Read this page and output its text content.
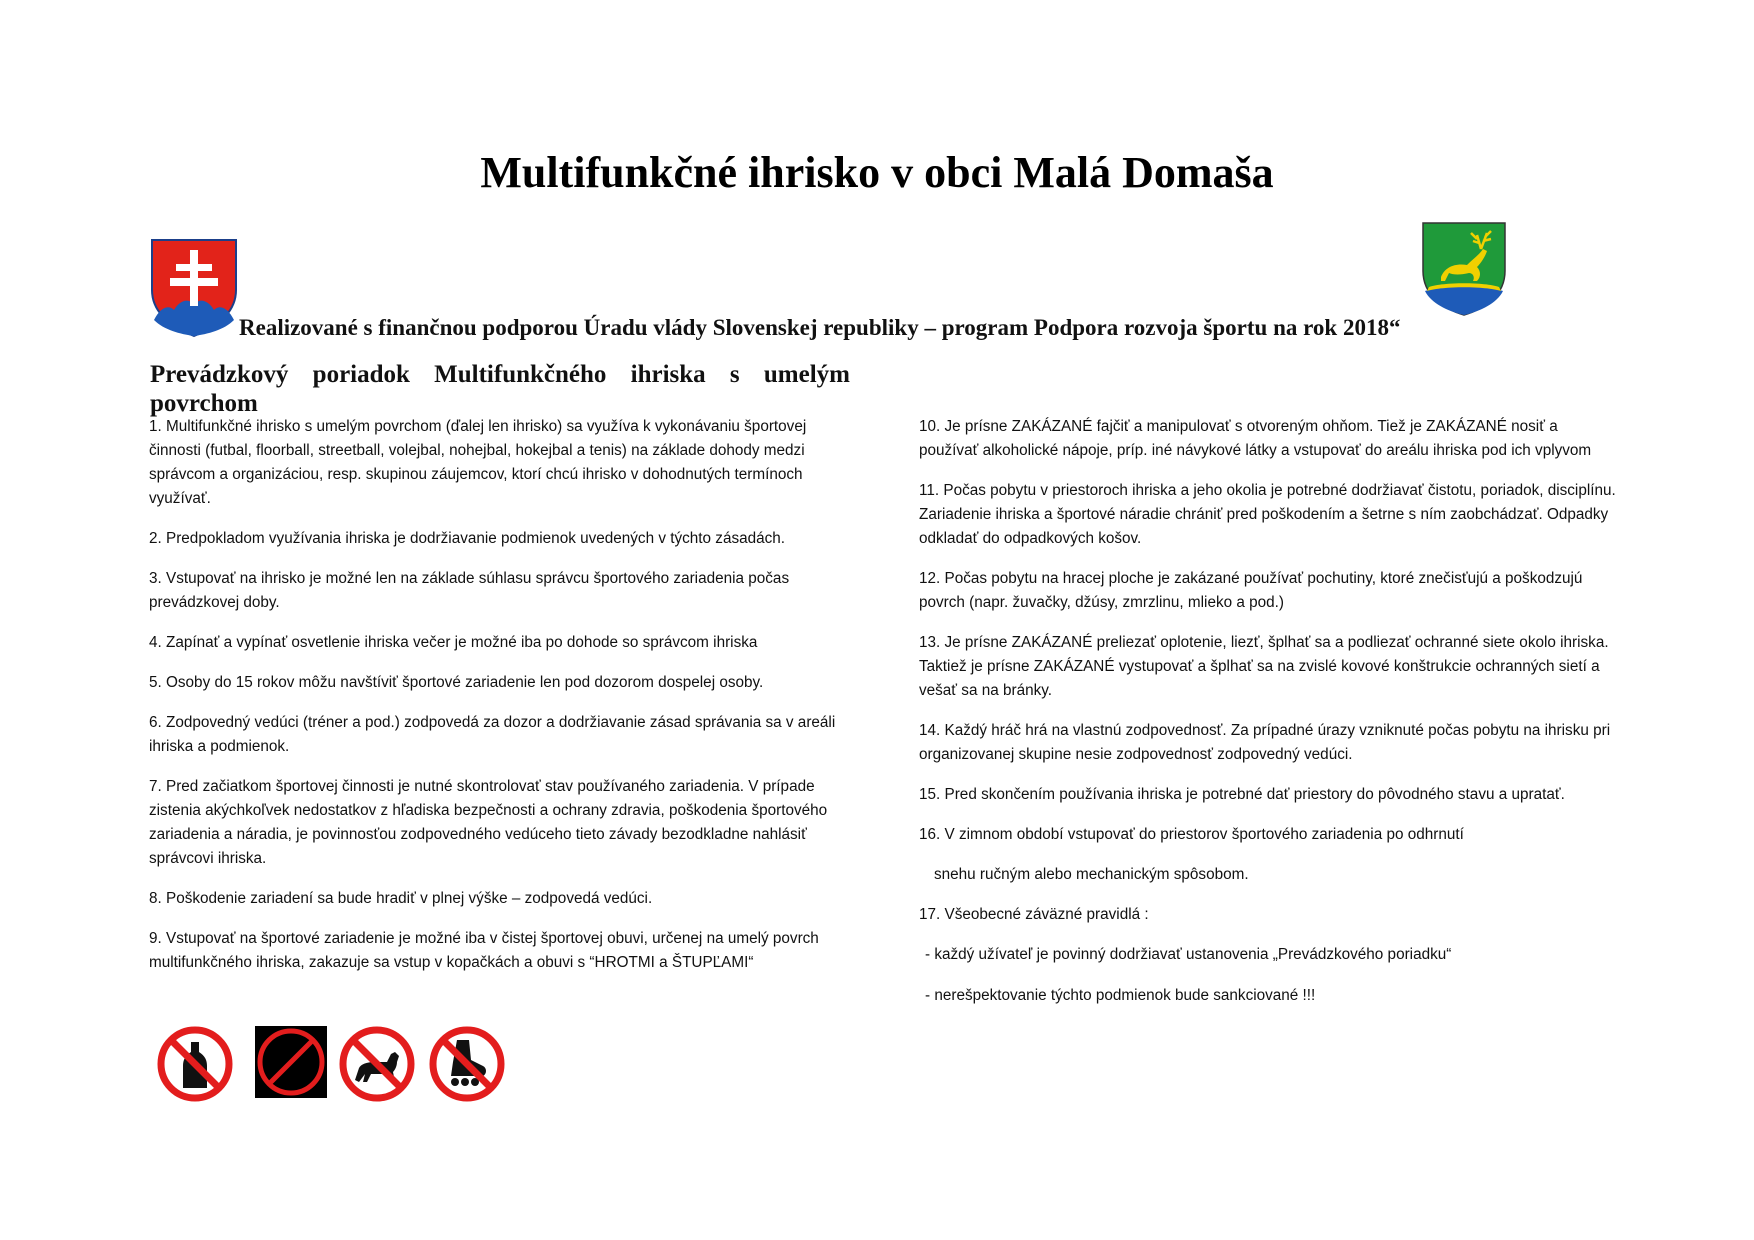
Multifunkčné ihrisko v obci Malá Domaša

Realizované s finančnou podporou Úradu vlády Slovenskej republiky – program Podpora rozvoja športu na rok 2018“

Prevádzkový poriadok Multifunkčného ihriska s umelým povrchom

1. Multifunkčné ihrisko s umelým povrchom (ďalej len ihrisko) sa využíva k vykonávaniu športovej činnosti (futbal, floorball, streetball, volejbal, nohejbal, hokejbal a tenis) na základe dohody medzi správcom a organizáciou, resp. skupinou záujemcov, ktorí chcú ihrisko v dohodnutých termínoch využívať.

2. Predpokladom využívania ihriska je dodržiavanie podmienok uvedených v týchto zásadách.

3. Vstupovať na ihrisko je možné len na základe súhlasu správcu športového zariadenia počas prevádzkovej doby.

4. Zapínať a vypínať osvetlenie ihriska večer je možné iba po dohode so správcom ihriska

5. Osoby do 15 rokov môžu navštíviť športové zariadenie len pod dozorom dospelej osoby.

6. Zodpovedný vedúci (tréner a pod.) zodpovedá za dozor a dodržiavanie zásad správania sa v areáli ihriska a podmienok.

7. Pred začiatkom športovej činnosti je nutné skontrolovať stav používaného zariadenia. V prípade zistenia akýchkoľvek nedostatkov z hľadiska bezpečnosti a ochrany zdravia, poškodenia športového zariadenia a náradia, je povinnosťou zodpovedného vedúceho tieto závady bezodkladne nahlásiť správcovi ihriska.

8. Poškodenie zariadení sa bude hradiť v plnej výške – zodpovedá vedúci.

9. Vstupovať na športové zariadenie je možné iba v čistej športovej obuvi, určenej na umelý povrch multifunkčného ihriska, zakazuje sa vstup v kopačkách a obuvi s “HROTMI a ŠTUPĽAMI“

10. Je prísne ZAKÁZANÉ fajčiť a manipulovať s otvoreným ohňom. Tiež je ZAKÁZANÉ nosiť a používať alkoholické nápoje, príp. iné návykové látky a vstupovať do areálu ihriska pod ich vplyvom

11. Počas pobytu v priestoroch ihriska a jeho okolia je potrebné dodržiavať čistotu, poriadok, disciplínu. Zariadenie ihriska a športové náradie chrániť pred poškodením a šetrne s ním zaobchádzať. Odpadky odkladať do odpadkových košov.

12. Počas pobytu na hracej ploche je zakázané používať pochutiny, ktoré znečisťujú a poškodzujú povrch (napr. žuvačky, džúsy, zmrzlinu, mlieko a pod.)

13. Je prísne ZAKÁZANÉ preliezať oplotenie, liezť, šplhať sa a podliezať ochranné siete okolo ihriska. Taktiež je prísne ZAKÁZANÉ vystupovať a šplhať sa na zvislé kovové konštrukcie ochranných sietí a vešať sa na bránky.

14. Každý hráč hrá na vlastnú zodpovednosť. Za prípadné úrazy vzniknuté počas pobytu na ihrisku pri organizovanej skupine nesie zodpovednosť zodpovedný vedúci.

15. Pred skončením používania ihriska je potrebné dať priestory do pôvodného stavu a upratať.

16. V zimnom období vstupovať do priestorov športového zariadenia po odhrnutí

snehu ručným alebo mechanickým spôsobom.

17. Všeobecné záväzné pravidlá :

- každý užívateľ je povinný dodržiavať ustanovenia „Prevádzkového poriadku“

- nerešpektovanie týchto podmienok bude sankciované !!!
